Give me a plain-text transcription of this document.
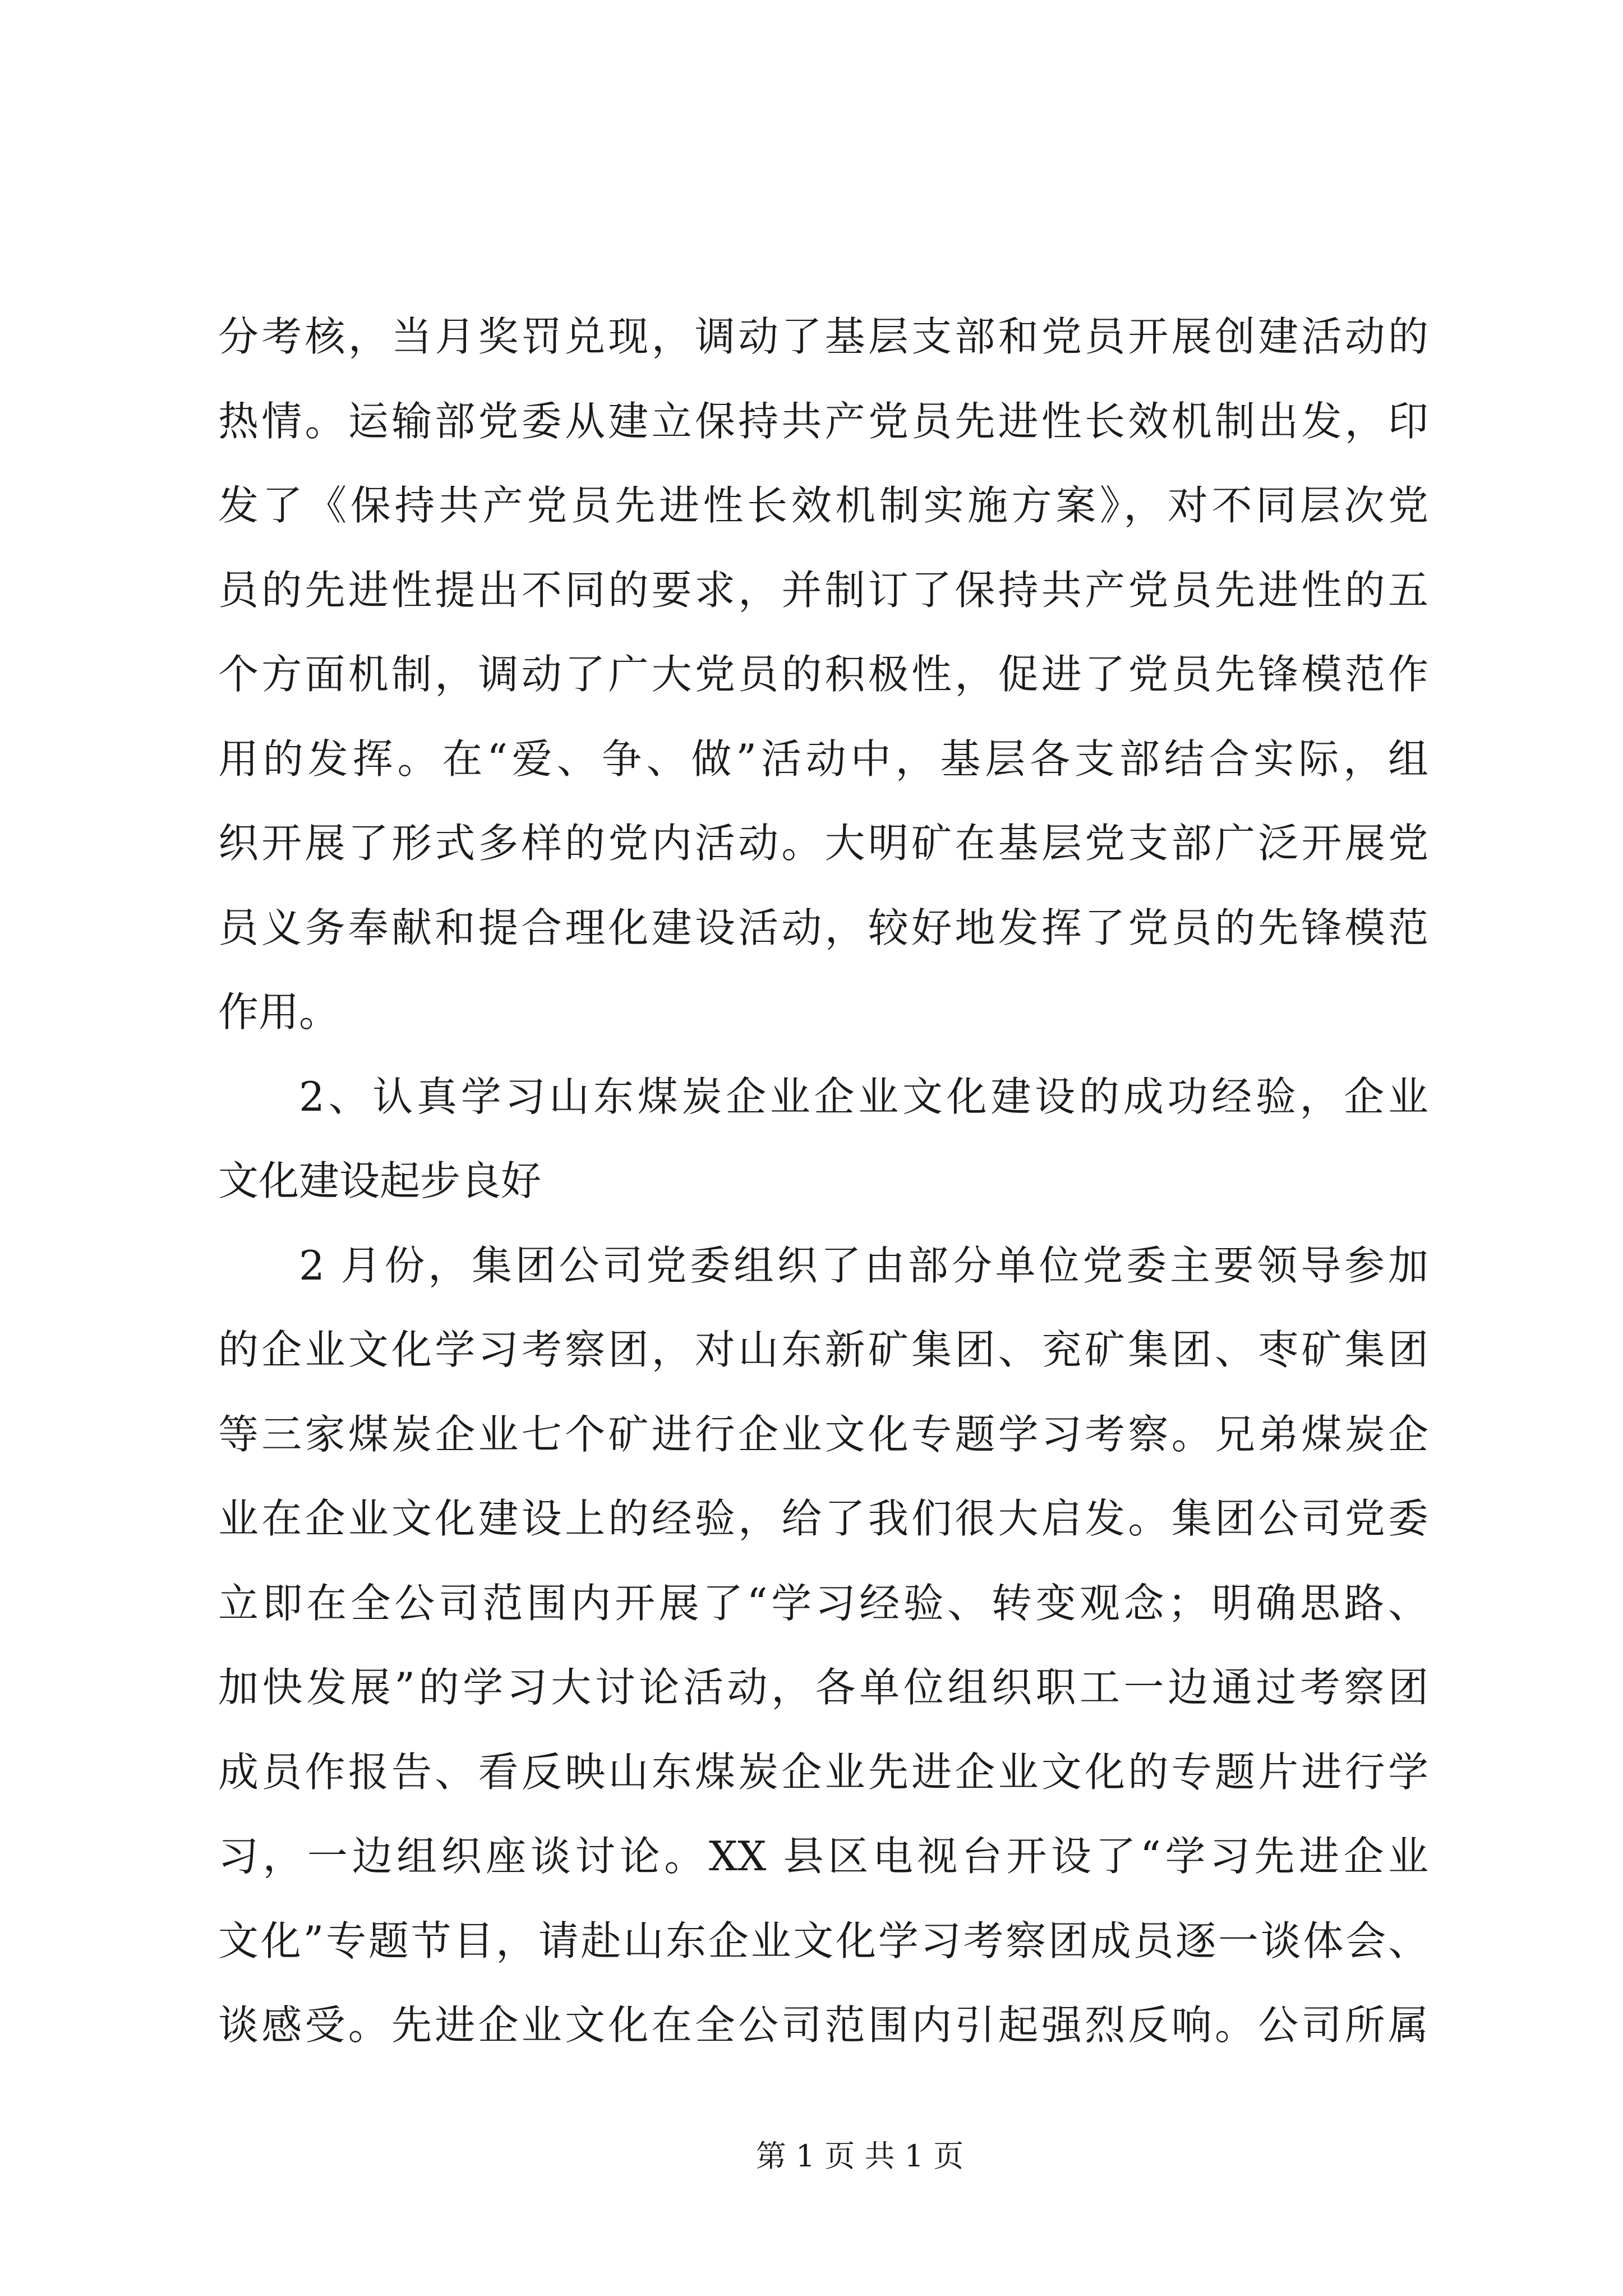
分考核，当月奖罚兑现，调动了基层支部和党员开展创建活动的
热情。运输部党委从建立保持共产党员先进性长效机制出发，印
发了《保持共产党员先进性长效机制实施方案》，对不同层次党
员的先进性提出不同的要求，并制订了保持共产党员先进性的五
个方面机制，调动了广大党员的积极性，促进了党员先锋模范作
用的发挥。在“爱、争、做”活动中，基层各支部结合实际，组
织开展了形式多样的党内活动。大明矿在基层党支部广泛开展党
员义务奉献和提合理化建设活动，较好地发挥了党员的先锋模范
作用。
2、认真学习山东煤炭企业企业文化建设的成功经验，企业
文化建设起步良好
2 月份，集团公司党委组织了由部分单位党委主要领导参加
的企业文化学习考察团，对山东新矿集团、兖矿集团、枣矿集团
等三家煤炭企业七个矿进行企业文化专题学习考察。兄弟煤炭企
业在企业文化建设上的经验，给了我们很大启发。集团公司党委
立即在全公司范围内开展了“学习经验、转变观念；明确思路、
加快发展”的学习大讨论活动，各单位组织职工一边通过考察团
成员作报告、看反映山东煤炭企业先进企业文化的专题片进行学
习，一边组织座谈讨论。XX 县区电视台开设了“学习先进企业
文化”专题节目，请赴山东企业文化学习考察团成员逐一谈体会、
谈感受。先进企业文化在全公司范围内引起强烈反响。公司所属
第 1 页 共 1 页
